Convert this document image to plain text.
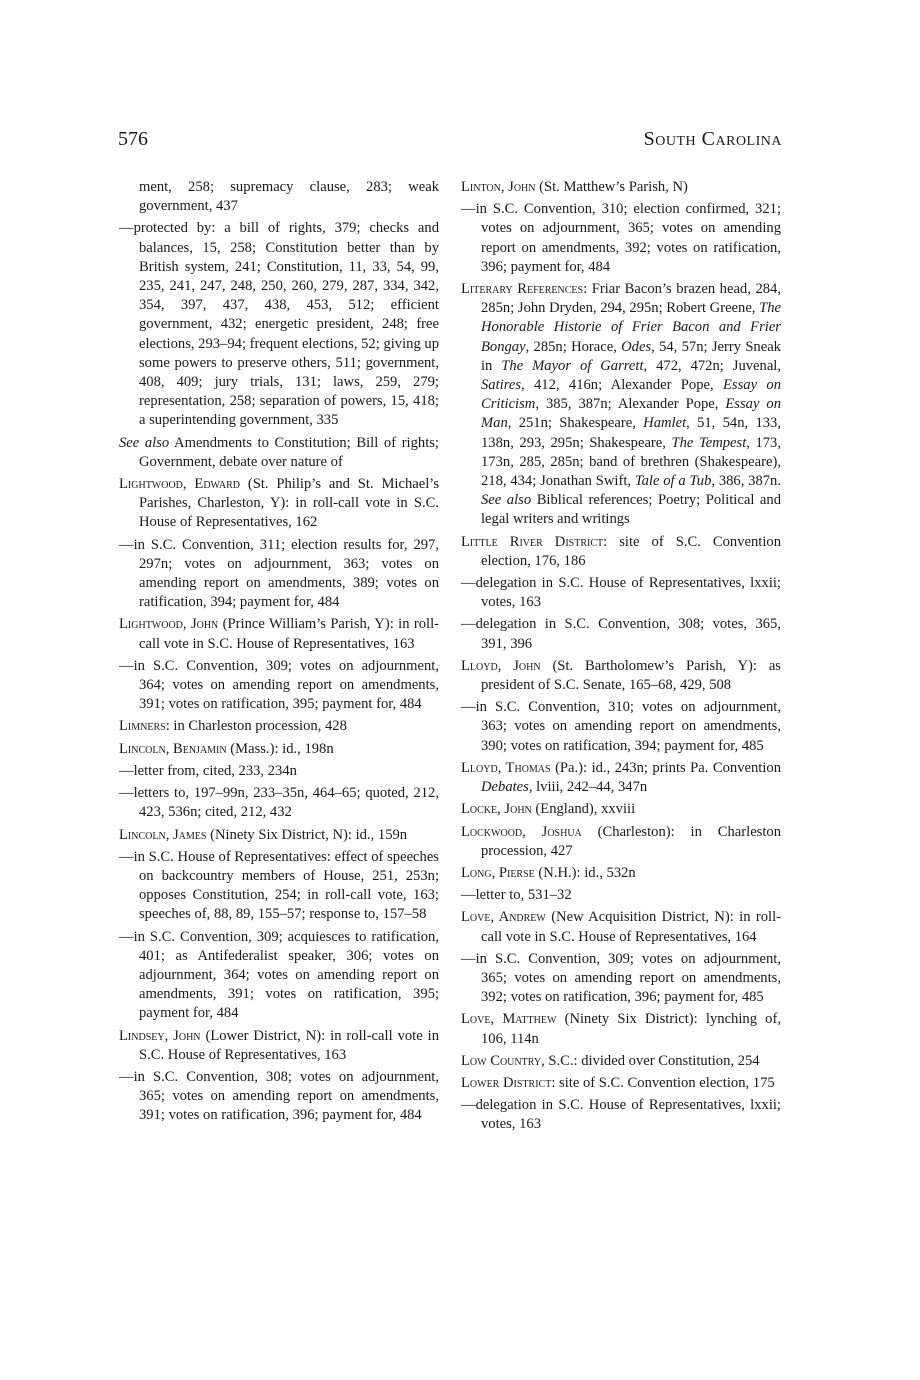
576	South Carolina

ment, 258; supremacy clause, 283; weak government, 437

—protected by: a bill of rights, 379; checks and balances, 15, 258; Constitution better than by British system, 241; Constitution, 11, 33, 54, 99, 235, 241, 247, 248, 250, 260, 279, 287, 334, 342, 354, 397, 437, 438, 453, 512; efficient government, 432; energetic president, 248; free elections, 293–94; frequent elections, 52; giving up some powers to preserve others, 511; government, 408, 409; jury trials, 131; laws, 259, 279; representation, 258; separation of powers, 15, 418; a superintending government, 335

See also Amendments to Constitution; Bill of rights; Government, debate over nature of

Lightwood, Edward (St. Philip’s and St. Michael’s Parishes, Charleston, Y): in roll-call vote in S.C. House of Representatives, 162

—in S.C. Convention, 311; election results for, 297, 297n; votes on adjournment, 363; votes on amending report on amendments, 389; votes on ratification, 394; payment for, 484

Lightwood, John (Prince William’s Parish, Y): in roll-call vote in S.C. House of Representatives, 163

—in S.C. Convention, 309; votes on adjournment, 364; votes on amending report on amendments, 391; votes on ratification, 395; payment for, 484

Limners: in Charleston procession, 428

Lincoln, Benjamin (Mass.): id., 198n

—letter from, cited, 233, 234n

—letters to, 197–99n, 233–35n, 464–65; quoted, 212, 423, 536n; cited, 212, 432

Lincoln, James (Ninety Six District, N): id., 159n

—in S.C. House of Representatives: effect of speeches on backcountry members of House, 251, 253n; opposes Constitution, 254; in roll-call vote, 163; speeches of, 88, 89, 155–57; response to, 157–58

—in S.C. Convention, 309; acquiesces to ratification, 401; as Antifederalist speaker, 306; votes on adjournment, 364; votes on amending report on amendments, 391; votes on ratification, 395; payment for, 484

Lindsey, John (Lower District, N): in roll-call vote in S.C. House of Representatives, 163

—in S.C. Convention, 308; votes on adjournment, 365; votes on amending report on amendments, 391; votes on ratification, 396; payment for, 484

Linton, John (St. Matthew’s Parish, N)

—in S.C. Convention, 310; election confirmed, 321; votes on adjournment, 365; votes on amending report on amendments, 392; votes on ratification, 396; payment for, 484

Literary References: Friar Bacon’s brazen head, 284, 285n; John Dryden, 294, 295n; Robert Greene, The Honorable Historie of Frier Bacon and Frier Bongay, 285n; Horace, Odes, 54, 57n; Jerry Sneak in The Mayor of Garrett, 472, 472n; Juvenal, Satires, 412, 416n; Alexander Pope, Essay on Criticism, 385, 387n; Alexander Pope, Essay on Man, 251n; Shakespeare, Hamlet, 51, 54n, 133, 138n, 293, 295n; Shakespeare, The Tempest, 173, 173n, 285, 285n; band of brethren (Shakespeare), 218, 434; Jonathan Swift, Tale of a Tub, 386, 387n. See also Biblical references; Poetry; Political and legal writers and writings

Little River District: site of S.C. Convention election, 176, 186

—delegation in S.C. House of Representatives, lxxii; votes, 163

—delegation in S.C. Convention, 308; votes, 365, 391, 396

Lloyd, John (St. Bartholomew’s Parish, Y): as president of S.C. Senate, 165–68, 429, 508

—in S.C. Convention, 310; votes on adjournment, 363; votes on amending report on amendments, 390; votes on ratification, 394; payment for, 485

Lloyd, Thomas (Pa.): id., 243n; prints Pa. Convention Debates, lviii, 242–44, 347n

Locke, John (England), xxviii

Lockwood, Joshua (Charleston): in Charleston procession, 427

Long, Pierse (N.H.): id., 532n

—letter to, 531–32

Love, Andrew (New Acquisition District, N): in roll-call vote in S.C. House of Representatives, 164

—in S.C. Convention, 309; votes on adjournment, 365; votes on amending report on amendments, 392; votes on ratification, 396; payment for, 485

Love, Matthew (Ninety Six District): lynching of, 106, 114n

Low Country, S.C.: divided over Constitution, 254

Lower District: site of S.C. Convention election, 175

—delegation in S.C. House of Representatives, lxxii; votes, 163
